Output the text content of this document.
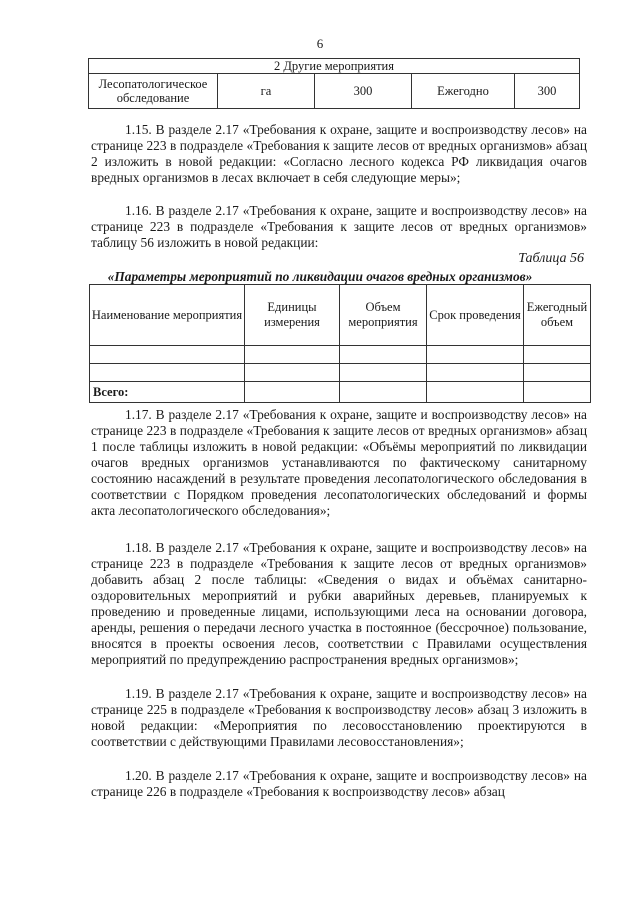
6
2 Другие мероприятия
Лесопатологическое обследование	га	300	Ежегодно	300

1.15. В разделе 2.17 «Требования к охране, защите и воспроизводству лесов» на странице 223 в подразделе «Требования к защите лесов от вредных организмов» абзац 2 изложить в новой редакции: «Согласно лесного кодекса РФ ликвидация очагов вредных организмов в лесах включает в себя следующие меры»;

1.16. В разделе 2.17 «Требования к охране, защите и воспроизводству лесов» на странице 223 в подразделе «Требования к защите лесов от вредных организмов» таблицу 56 изложить в новой редакции:

Таблица 56
«Параметры мероприятий по ликвидации очагов вредных организмов»
Наименование мероприятия	Единицы измерения	Объем мероприятия	Срок проведения	Ежегодный объем

Всего:				

1.17. В разделе 2.17 «Требования к охране, защите и воспроизводству лесов» на странице 223 в подразделе «Требования к защите лесов от вредных организмов» абзац 1 после таблицы изложить в новой редакции: «Объёмы мероприятий по ликвидации очагов вредных организмов устанавливаются по фактическому санитарному состоянию насаждений в результате проведения лесопатологического обследования в соответствии с Порядком проведения лесопатологических обследований и формы акта лесопатологического обследования»;

1.18. В разделе 2.17 «Требования к охране, защите и воспроизводству лесов» на странице 223 в подразделе «Требования к защите лесов от вредных организмов» добавить абзац 2 после таблицы: «Сведения о видах и объёмах санитарно-оздоровительных мероприятий и рубки аварийных деревьев, планируемых к проведению и проведенные лицами, использующими леса на основании договора, аренды, решения о передачи лесного участка в постоянное (бессрочное) пользование, вносятся в проекты освоения лесов, соответствии с Правилами осуществления мероприятий по предупреждению распространения вредных организмов»;

1.19. В разделе 2.17 «Требования к охране, защите и воспроизводству лесов» на странице 225 в подразделе «Требования к воспроизводству лесов» абзац 3 изложить в новой редакции: «Мероприятия по лесовосстановлению проектируются в соответствии с действующими Правилами лесовосстановления»;

1.20. В разделе 2.17 «Требования к охране, защите и воспроизводству лесов» на странице 226 в подразделе «Требования к воспроизводству лесов» абзац
